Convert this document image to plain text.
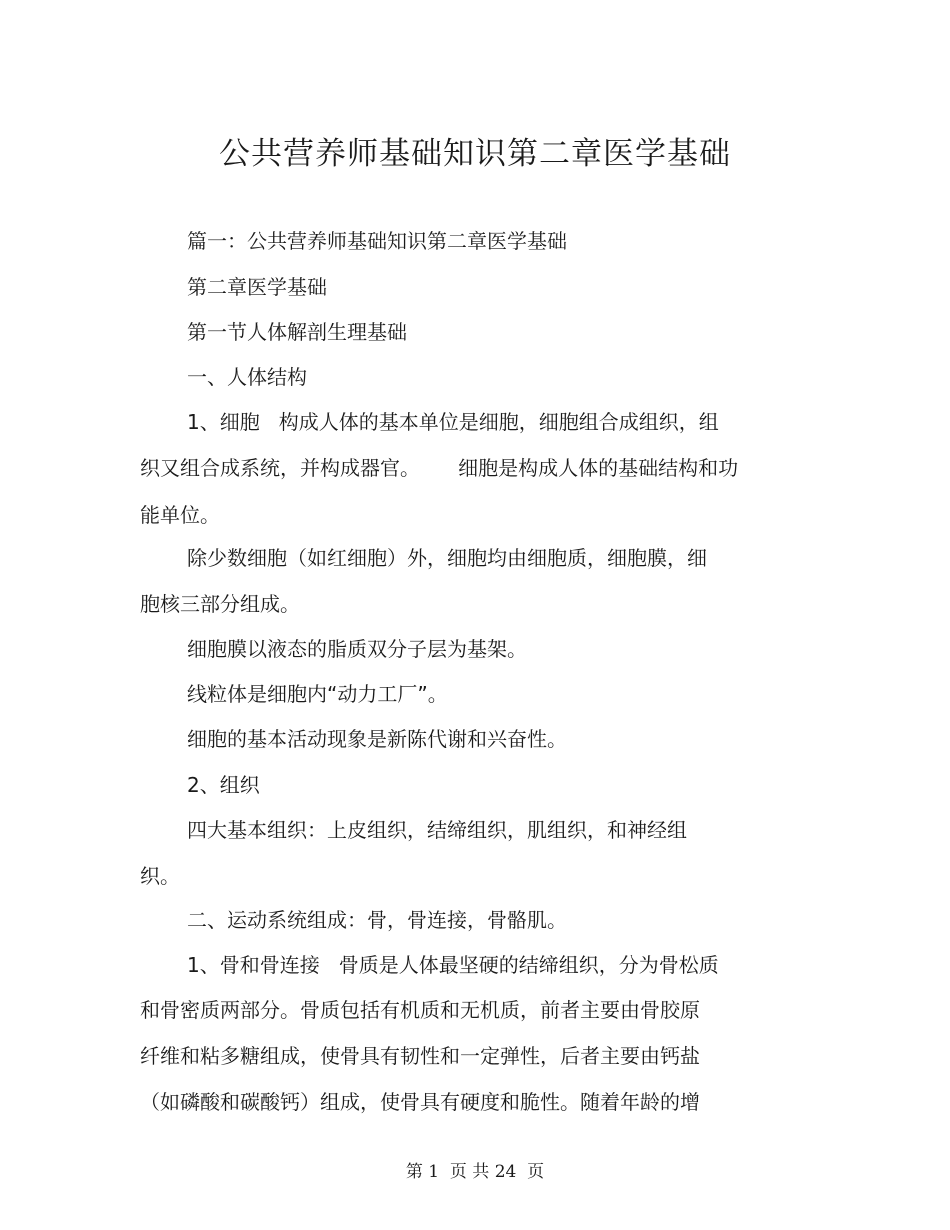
公共营养师基础知识第二章医学基础
篇一：公共营养师基础知识第二章医学基础
第二章医学基础
第一节人体解剖生理基础
一、人体结构
1、细胞   构成人体的基本单位是细胞，细胞组合成组织，组
织又组合成系统，并构成器官。      细胞是构成人体的基础结构和功
能单位。
除少数细胞（如红细胞）外，细胞均由细胞质，细胞膜，细
胞核三部分组成。
细胞膜以液态的脂质双分子层为基架。
线粒体是细胞内“动力工厂”。
细胞的基本活动现象是新陈代谢和兴奋性。
2、组织
四大基本组织：上皮组织，结缔组织，肌组织，和神经组
织。
二、运动系统组成：骨，骨连接，骨骼肌。
1、骨和骨连接   骨质是人体最坚硬的结缔组织，分为骨松质
和骨密质两部分。骨质包括有机质和无机质，前者主要由骨胶原
纤维和粘多糖组成，使骨具有韧性和一定弹性，后者主要由钙盐
（如磷酸和碳酸钙）组成，使骨具有硬度和脆性。随着年龄的增
第 1  页 共 24  页
